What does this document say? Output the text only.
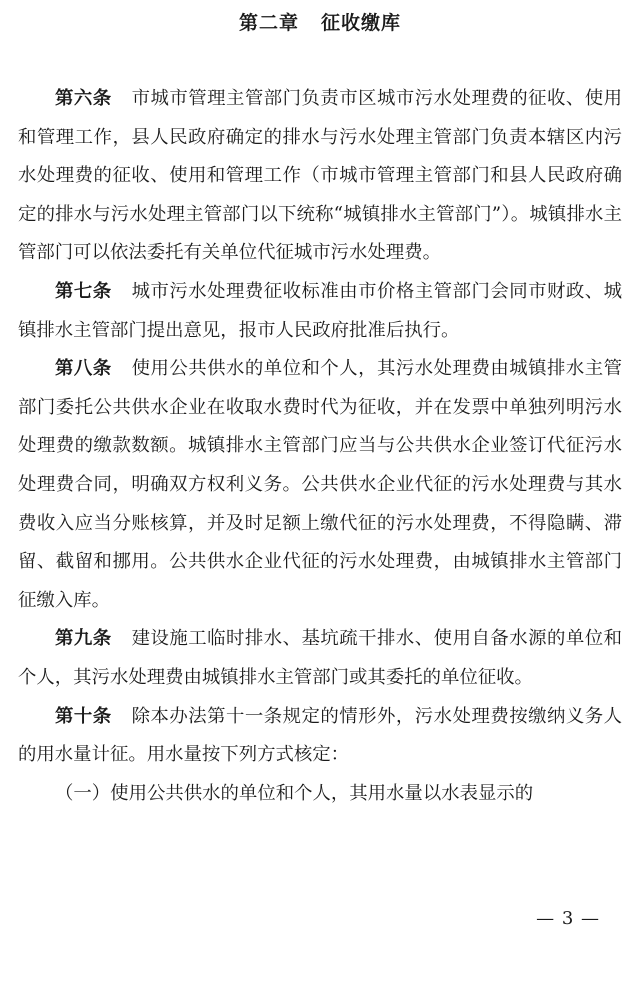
第二章 征收缴库

第六条 市城市管理主管部门负责市区城市污水处理费的征收、使用和管理工作，县人民政府确定的排水与污水处理主管部门负责本辖区内污水处理费的征收、使用和管理工作（市城市管理主管部门和县人民政府确定的排水与污水处理主管部门以下统称“城镇排水主管部门”）。城镇排水主管部门可以依法委托有关单位代征城市污水处理费。

第七条 城市污水处理费征收标准由市价格主管部门会同市财政、城镇排水主管部门提出意见，报市人民政府批准后执行。

第八条 使用公共供水的单位和个人，其污水处理费由城镇排水主管部门委托公共供水企业在收取水费时代为征收，并在发票中单独列明污水处理费的缴款数额。城镇排水主管部门应当与公共供水企业签订代征污水处理费合同，明确双方权利义务。公共供水企业代征的污水处理费与其水费收入应当分账核算，并及时足额上缴代征的污水处理费，不得隐瞒、滞留、截留和挪用。公共供水企业代征的污水处理费，由城镇排水主管部门征缴入库。

第九条 建设施工临时排水、基坑疏干排水、使用自备水源的单位和个人，其污水处理费由城镇排水主管部门或其委托的单位征收。

第十条 除本办法第十一条规定的情形外，污水处理费按缴纳义务人的用水量计征。用水量按下列方式核定：

（一）使用公共供水的单位和个人，其用水量以水表显示的

— 3 —
